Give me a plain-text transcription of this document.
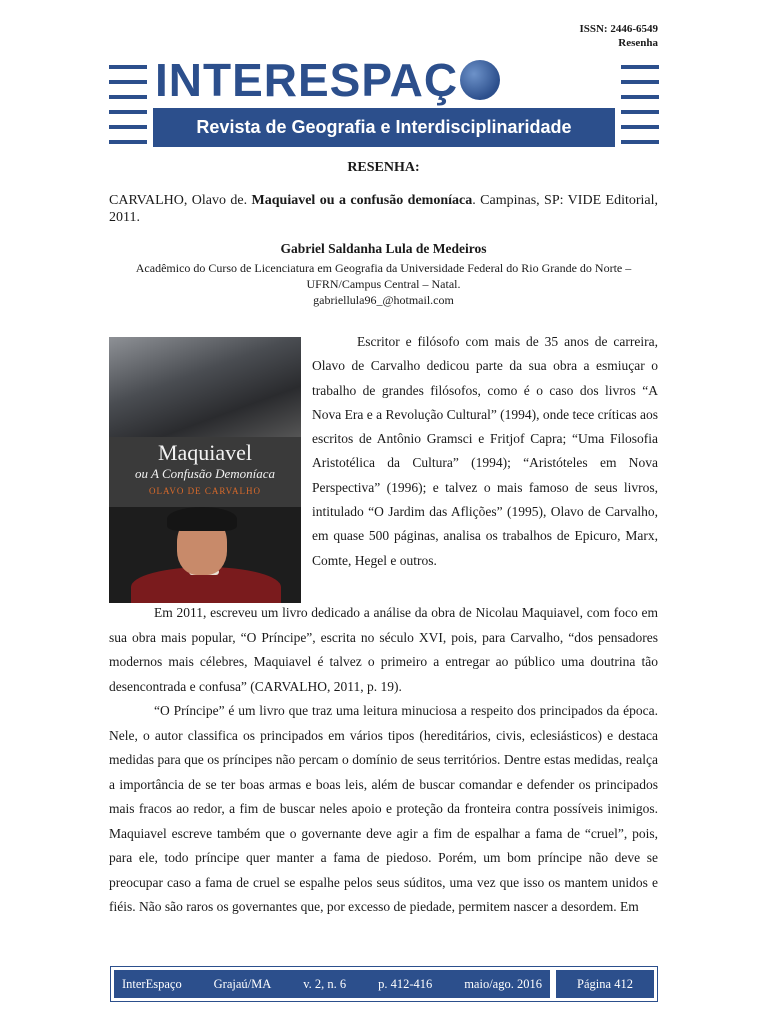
ISSN: 2446-6549
Resenha
INTERESPAÇ
Revista de Geografia e Interdisciplinaridade
RESENHA:
CARVALHO, Olavo de. Maquiavel ou a confusão demoníaca. Campinas, SP: VIDE Editorial, 2011.
Gabriel Saldanha Lula de Medeiros
Acadêmico do Curso de Licenciatura em Geografia da Universidade Federal do Rio Grande do Norte – UFRN/Campus Central – Natal.
gabriellula96_@hotmail.com
Maquiavel
ou A Confusão Demoníaca
OLAVO DE CARVALHO
Escritor e filósofo com mais de 35 anos de carreira, Olavo de Carvalho dedicou parte da sua obra a esmiuçar o trabalho de grandes filósofos, como é o caso dos livros “A Nova Era e a Revolução Cultural” (1994), onde tece críticas aos escritos de Antônio Gramsci e Fritjof Capra; “Uma Filosofia Aristotélica da Cultura” (1994); “Aristóteles em Nova Perspectiva” (1996); e talvez o mais famoso de seus livros, intitulado “O Jardim das Aflições” (1995), Olavo de Carvalho, em quase 500 páginas, analisa os trabalhos de Epicuro, Marx, Comte, Hegel e outros.

Em 2011, escreveu um livro dedicado a análise da obra de Nicolau Maquiavel, com foco em sua obra mais popular, “O Príncipe”, escrita no século XVI, pois, para Carvalho, “dos pensadores modernos mais célebres, Maquiavel é talvez o primeiro a entregar ao público uma doutrina tão desencontrada e confusa” (CARVALHO, 2011, p. 19).

“O Príncipe” é um livro que traz uma leitura minuciosa a respeito dos principados da época. Nele, o autor classifica os principados em vários tipos (hereditários, civis, eclesiásticos) e destaca medidas para que os príncipes não percam o domínio de seus territórios. Dentre estas medidas, realça a importância de se ter boas armas e boas leis, além de buscar comandar e defender os principados mais fracos ao redor, a fim de buscar neles apoio e proteção da fronteira contra possíveis inimigos. Maquiavel escreve também que o governante deve agir a fim de espalhar a fama de “cruel”, pois, para ele, todo príncipe quer manter a fama de piedoso. Porém, um bom príncipe não deve se preocupar caso a fama de cruel se espalhe pelos seus súditos, uma vez que isso os mantem unidos e fiéis. Não são raros os governantes que, por excesso de piedade, permitem nascer a desordem. Em

InterEspaço	Grajaú/MA	v. 2, n. 6	p. 412-416	maio/ago. 2016	Página 412
